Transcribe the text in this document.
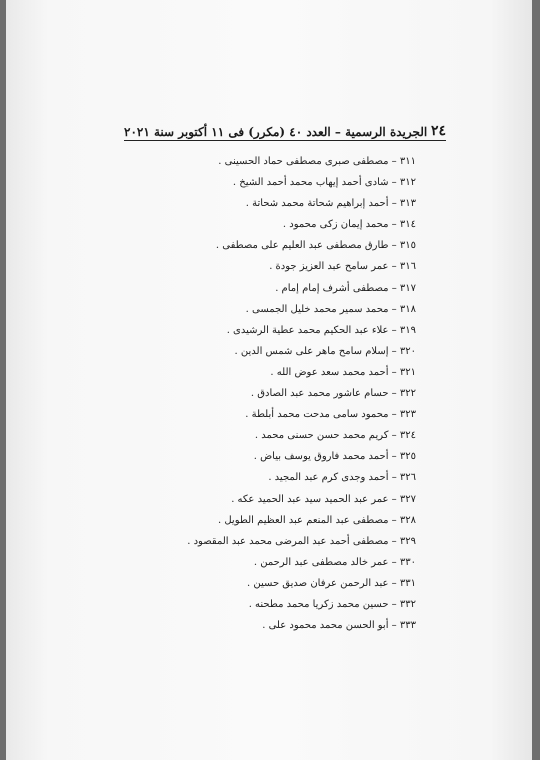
٢٤
الجريدة الرسمية – العدد ٤٠ (مكرر) فى ١١ أكتوبر سنة ٢٠٢١
٣١١ – مصطفى صبرى مصطفى حماد الحسينى .
٣١٢ – شادى أحمد إيهاب محمد أحمد الشيخ .
٣١٣ – أحمد إبراهيم شحاتة محمد شحاتة .
٣١٤ – محمد إيمان زكى محمود .
٣١٥ – طارق مصطفى عبد العليم على مصطفى .
٣١٦ – عمر سامح عبد العزيز جودة .
٣١٧ – مصطفى أشرف إمام إمام .
٣١٨ – محمد سمير محمد خليل الجمسى .
٣١٩ – علاء عبد الحكيم محمد عطية الرشيدى .
٣٢٠ – إسلام سامح ماهر على شمس الدين .
٣٢١ – أحمد محمد سعد عوض الله .
٣٢٢ – حسام عاشور محمد عبد الصادق .
٣٢٣ – محمود سامى مدحت محمد أبلطة .
٣٢٤ – كريم محمد حسن حسنى محمد .
٣٢٥ – أحمد محمد فاروق يوسف بياض .
٣٢٦ – أحمد وجدى كرم عبد المجيد .
٣٢٧ – عمر عبد الحميد سيد عبد الحميد عكه .
٣٢٨ – مصطفى عبد المنعم عبد العظيم الطويل .
٣٢٩ – مصطفى أحمد عبد المرضى محمد عبد المقصود .
٣٣٠ – عمر خالد مصطفى عبد الرحمن .
٣٣١ – عبد الرحمن عرفان صديق حسين .
٣٣٢ – حسين محمد زكريا محمد مطحنه .
٣٣٣ – أبو الحسن محمد محمود على .
